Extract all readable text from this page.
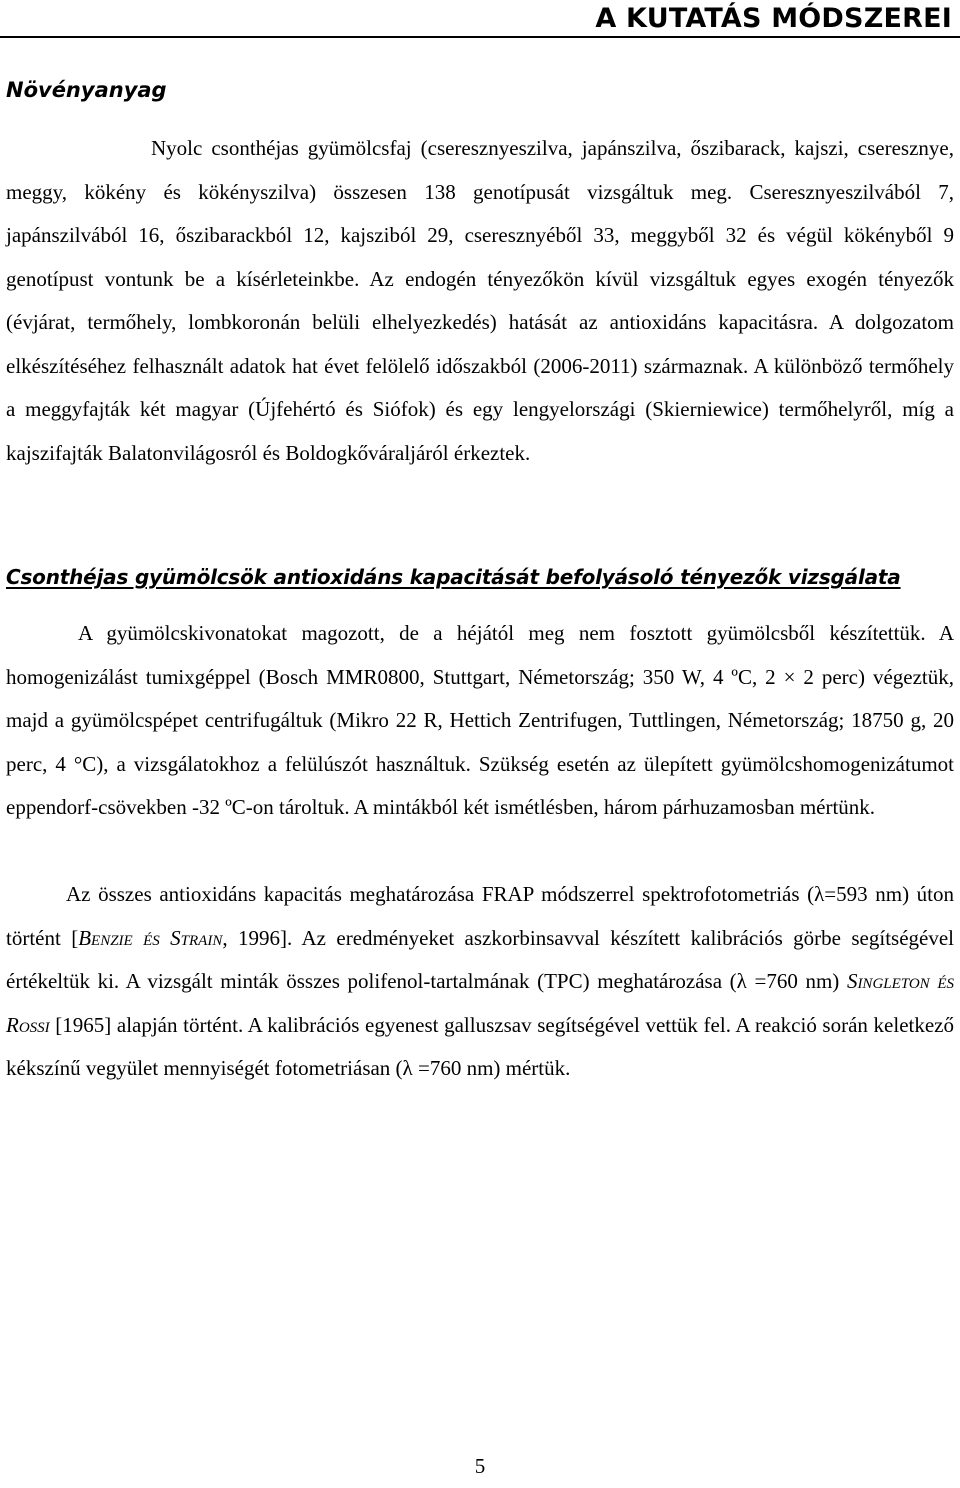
A KUTATÁS MÓDSZEREI
Növényanyag

Nyolc csonthéjas gyümölcsfaj (cseresznyeszilva, japánszilva, őszibarack, kajszi, cseresznye, meggy, kökény és kökényszilva) összesen 138 genotípusát vizsgáltuk meg. Cseresznyeszilvából 7, japánszilvából 16, őszibarackból 12, kajsziból 29, cseresznyéből 33, meggyből 32 és végül kökényből 9 genotípust vontunk be a kísérleteinkbe. Az endogén tényezőkön kívül vizsgáltuk egyes exogén tényezők (évjárat, termőhely, lombkoronán belüli elhelyezkedés) hatását az antioxidáns kapacitásra. A dolgozatom elkészítéséhez felhasznált adatok hat évet felölelő időszakból (2006-2011) származnak. A különböző termőhely a meggyfajták két magyar (Újfehértó és Siófok) és egy lengyelországi (Skierniewice) termőhelyről, míg a kajszifajták Balatonvilágosról és Boldogkőváraljáról érkeztek.

Csonthéjas gyümölcsök antioxidáns kapacitását befolyásoló tényezők vizsgálata

A gyümölcskivonatokat magozott, de a héjától meg nem fosztott gyümölcsből készítettük. A homogenizálást tumixgéppel (Bosch MMR0800, Stuttgart, Németország; 350 W, 4 ºC, 2 × 2 perc) végeztük, majd a gyümölcspépet centrifugáltuk (Mikro 22 R, Hettich Zentrifugen, Tuttlingen, Németország; 18750 g, 20 perc, 4 °C), a vizsgálatokhoz a felülúszót használtuk. Szükség esetén az ülepített gyümölcshomogenizátumot eppendorf-csövekben -32 ºC-on tároltuk. A mintákból két ismétlésben, három párhuzamosban mértünk.

Az összes antioxidáns kapacitás meghatározása FRAP módszerrel spektrofotometriás (λ=593 nm) úton történt [Benzie és Strain, 1996]. Az eredményeket aszkorbinsavval készített kalibrációs görbe segítségével értékeltük ki. A vizsgált minták összes polifenol-tartalmának (TPC) meghatározása (λ =760 nm) Singleton és Rossi [1965] alapján történt. A kalibrációs egyenest galluszsav segítségével vettük fel. A reakció során keletkező kékszínű vegyület mennyiségét fotometriásan (λ =760 nm) mértük.

5
